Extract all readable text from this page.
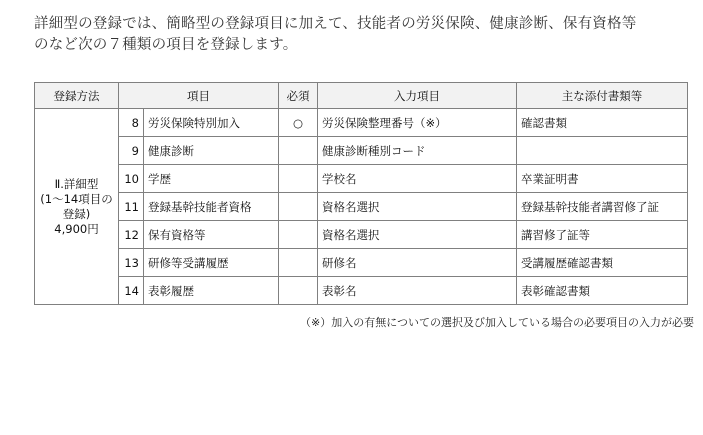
詳細型の登録では、簡略型の登録項目に加えて、技能者の労災保険、健康診断、保有資格等
のなど次の７種類の項目を登録します。
登録方法	項目		必須	入力項目	主な添付書類等

Ⅱ.詳細型
(1〜14項目の
登録)
4,900円	8	労災保険特別加入	○	労災保険整理番号（※）	確認書類
	9	健康診断		健康診断種別コード	
	10	学歴		学校名	卒業証明書
	11	登録基幹技能者資格		資格名選択	登録基幹技能者講習修了証
	12	保有資格等		資格名選択	講習修了証等
	13	研修等受講履歴		研修名	受講履歴確認書類
	14	表彰履歴		表彰名	表彰確認書類
（※）加入の有無についての選択及び加入している場合の必要項目の入力が必要
